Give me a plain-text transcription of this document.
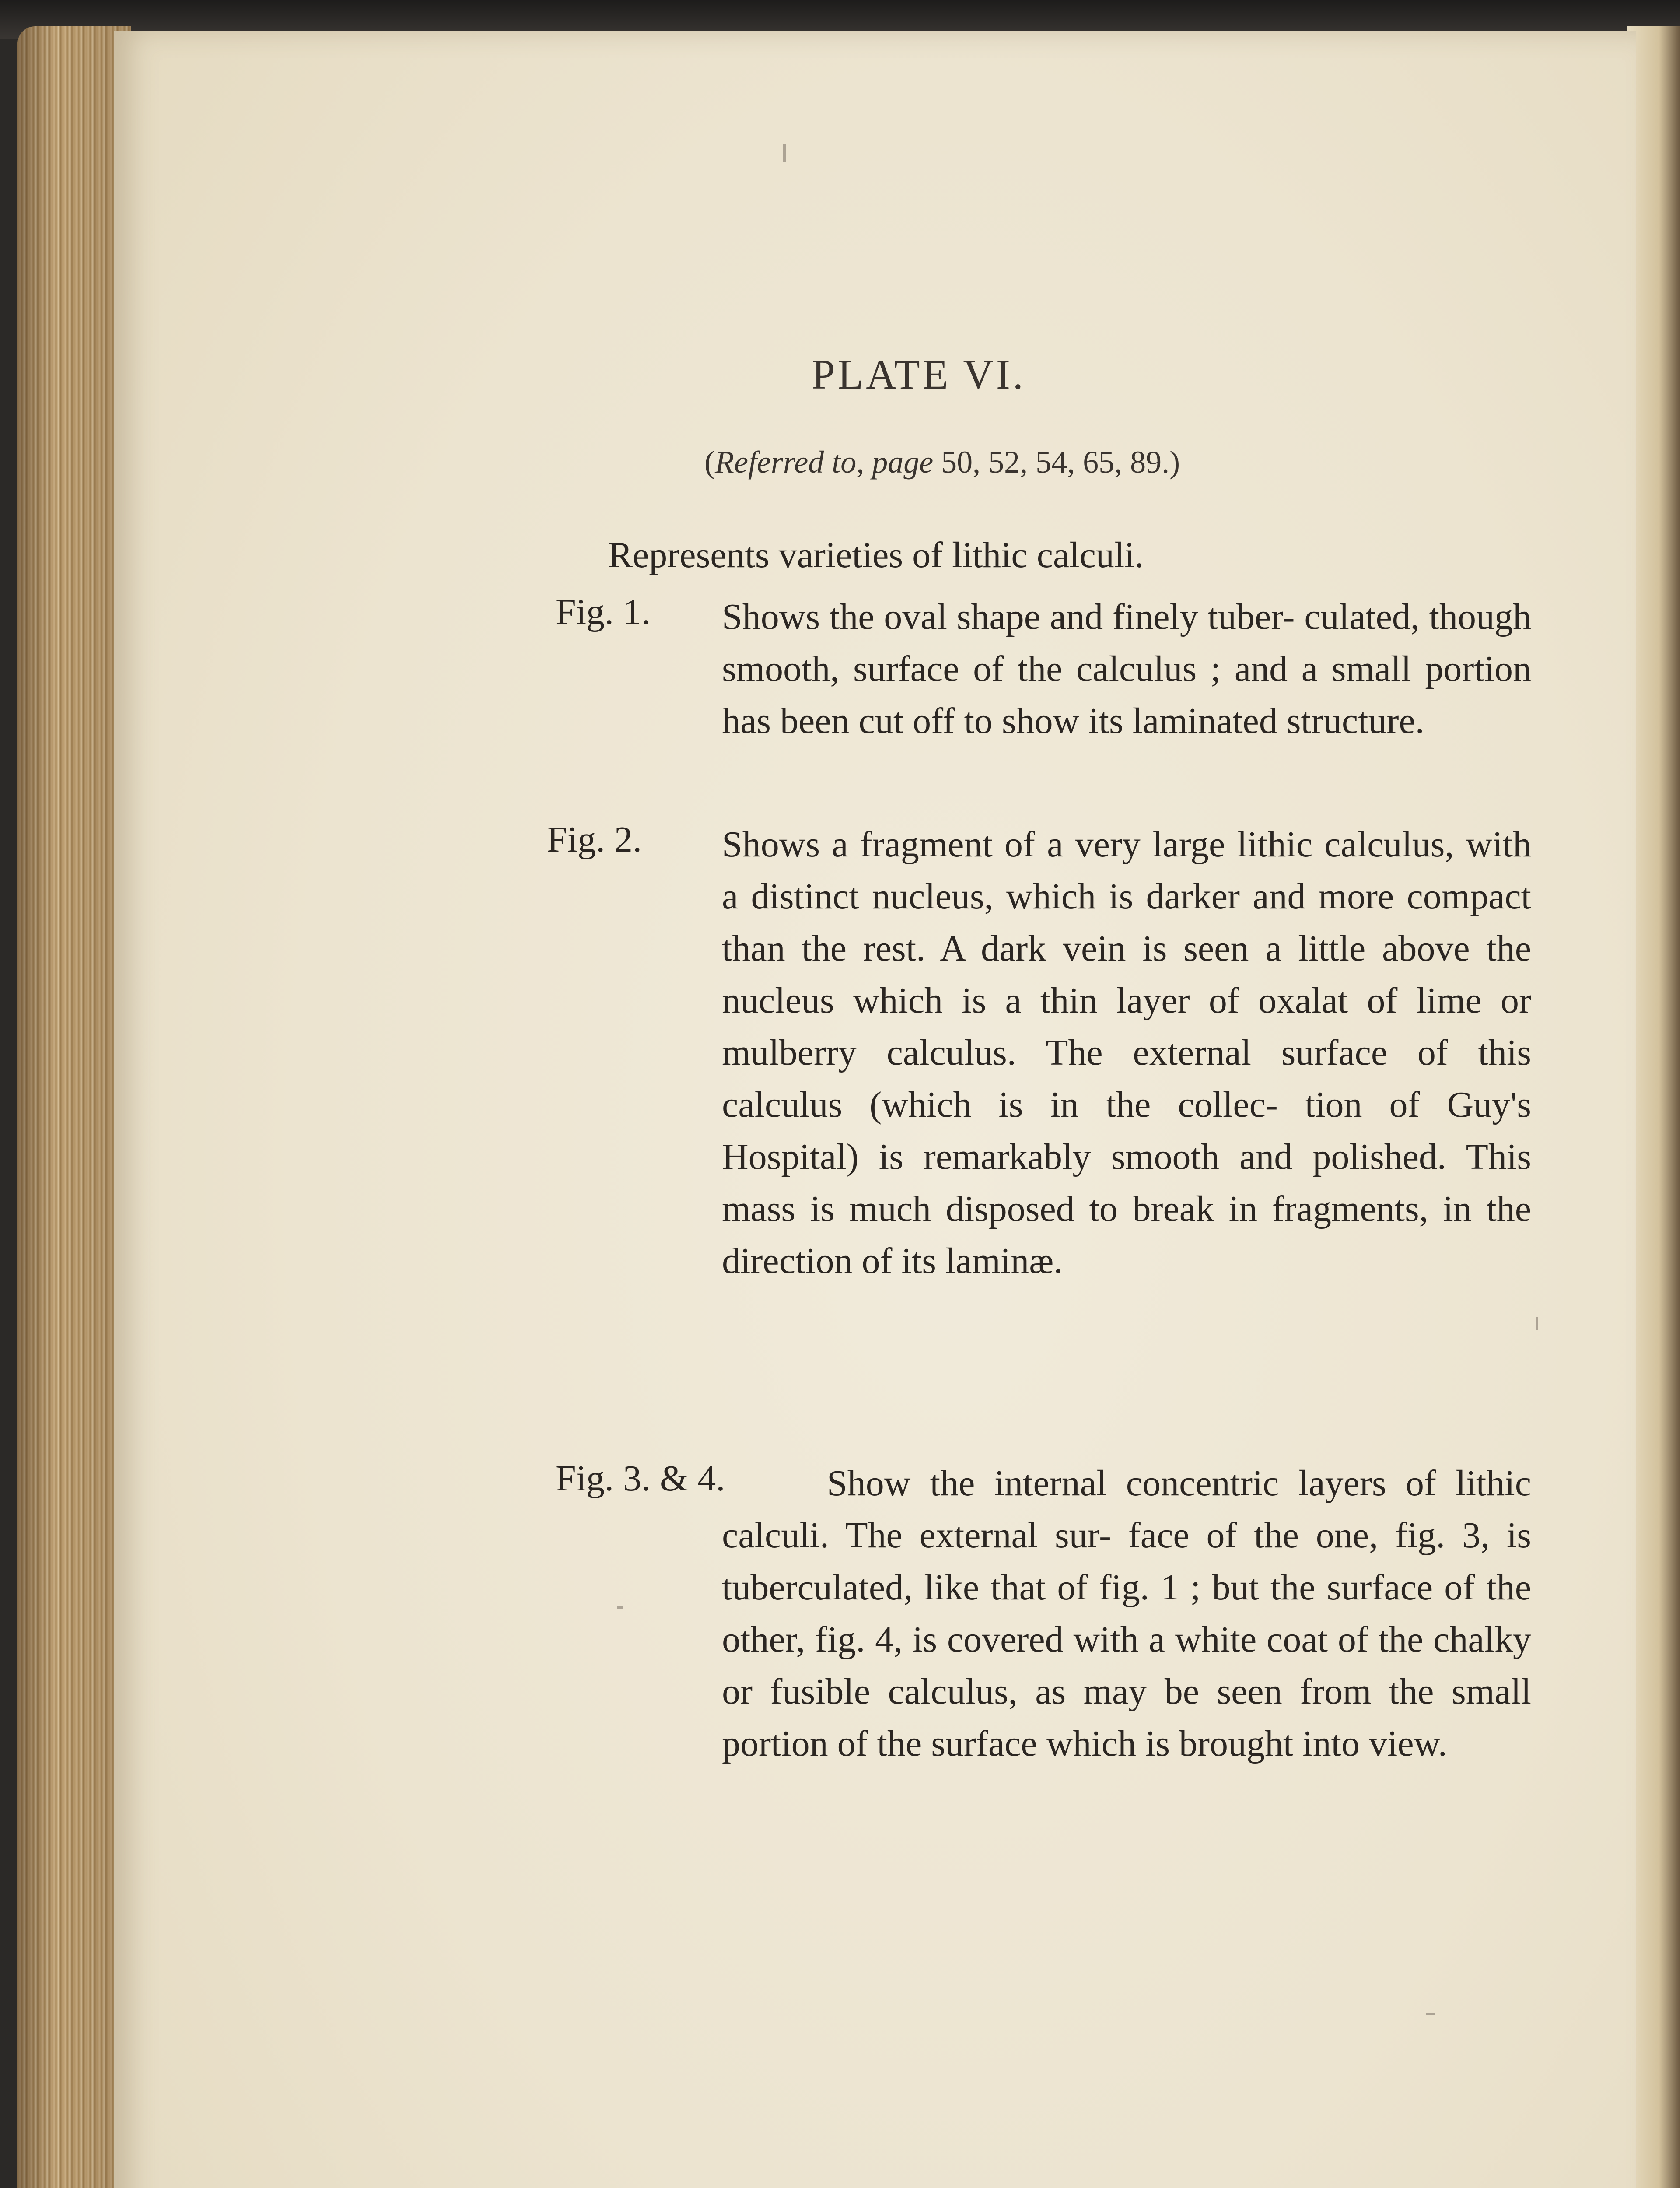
PLATE VI.
(Referred to, page 50, 52, 54, 65, 89.)

Represents varieties of lithic calculi.

Fig. 1. Shows the oval shape and finely tuber- culated, though smooth, surface of the calculus ; and a small portion has been cut off to show its laminated structure.

Fig. 2. Shows a fragment of a very large lithic calculus, with a distinct nucleus, which is darker and more compact than the rest. A dark vein is seen a little above the nucleus which is a thin layer of oxalat of lime or mulberry calculus. The external surface of this calculus (which is in the collec- tion of Guy's Hospital) is remarkably smooth and polished. This mass is much disposed to break in fragments, in the direction of its laminæ.

Fig. 3. & 4.	Show the internal concentric layers of lithic calculi. The external sur- face of the one, fig. 3, is tuberculated, like that of fig. 1 ; but the surface of the other, fig. 4, is covered with a white coat of the chalky or fusible calculus, as may be seen from the small portion of the surface which is brought into view.
